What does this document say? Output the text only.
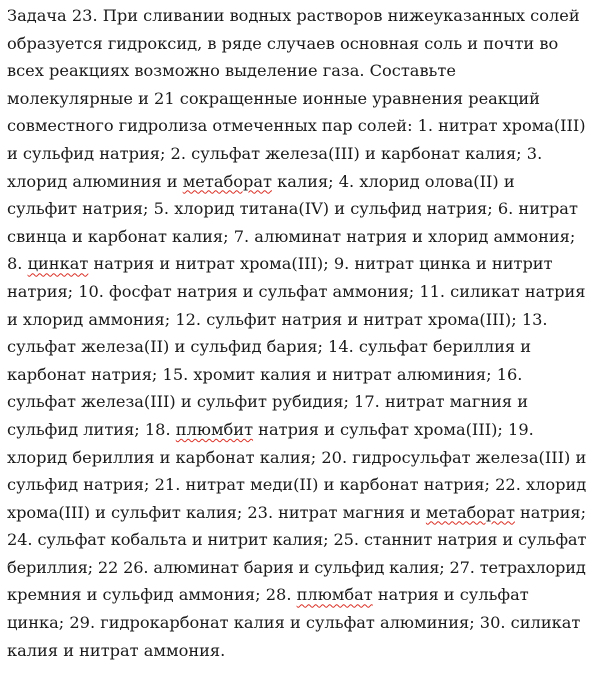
Задача 23. При сливании водных растворов нижеуказанных солей
образуется гидроксид, в ряде случаев основная соль и почти во
всех реакциях возможно выделение газа. Составьте
молекулярные и 21 сокращенные ионные уравнения реакций
совместного гидролиза отмеченных пар солей: 1. нитрат хрома(III)
и сульфид натрия; 2. сульфат железа(III) и карбонат калия; 3.
хлорид алюминия и метаборат калия; 4. хлорид олова(II) и
сульфит натрия; 5. хлорид титана(IV) и сульфид натрия; 6. нитрат
свинца и карбонат калия; 7. алюминат натрия и хлорид аммония;
8. цинкат натрия и нитрат хрома(III); 9. нитрат цинка и нитрит
натрия; 10. фосфат натрия и сульфат аммония; 11. силикат натрия
и хлорид аммония; 12. сульфит натрия и нитрат хрома(III); 13.
сульфат железа(II) и сульфид бария; 14. сульфат бериллия и
карбонат натрия; 15. хромит калия и нитрат алюминия; 16.
сульфат железа(III) и сульфит рубидия; 17. нитрат магния и
сульфид лития; 18. плюмбит натрия и сульфат хрома(III); 19.
хлорид бериллия и карбонат калия; 20. гидросульфат железа(III) и
сульфид натрия; 21. нитрат меди(II) и карбонат натрия; 22. хлорид
хрома(III) и сульфит калия; 23. нитрат магния и метаборат натрия;
24. сульфат кобальта и нитрит калия; 25. станнит натрия и сульфат
бериллия; 22 26. алюминат бария и сульфид калия; 27. тетрахлорид
кремния и сульфид аммония; 28. плюмбат натрия и сульфат
цинка; 29. гидрокарбонат калия и сульфат алюминия; 30. силикат
калия и нитрат аммония.
